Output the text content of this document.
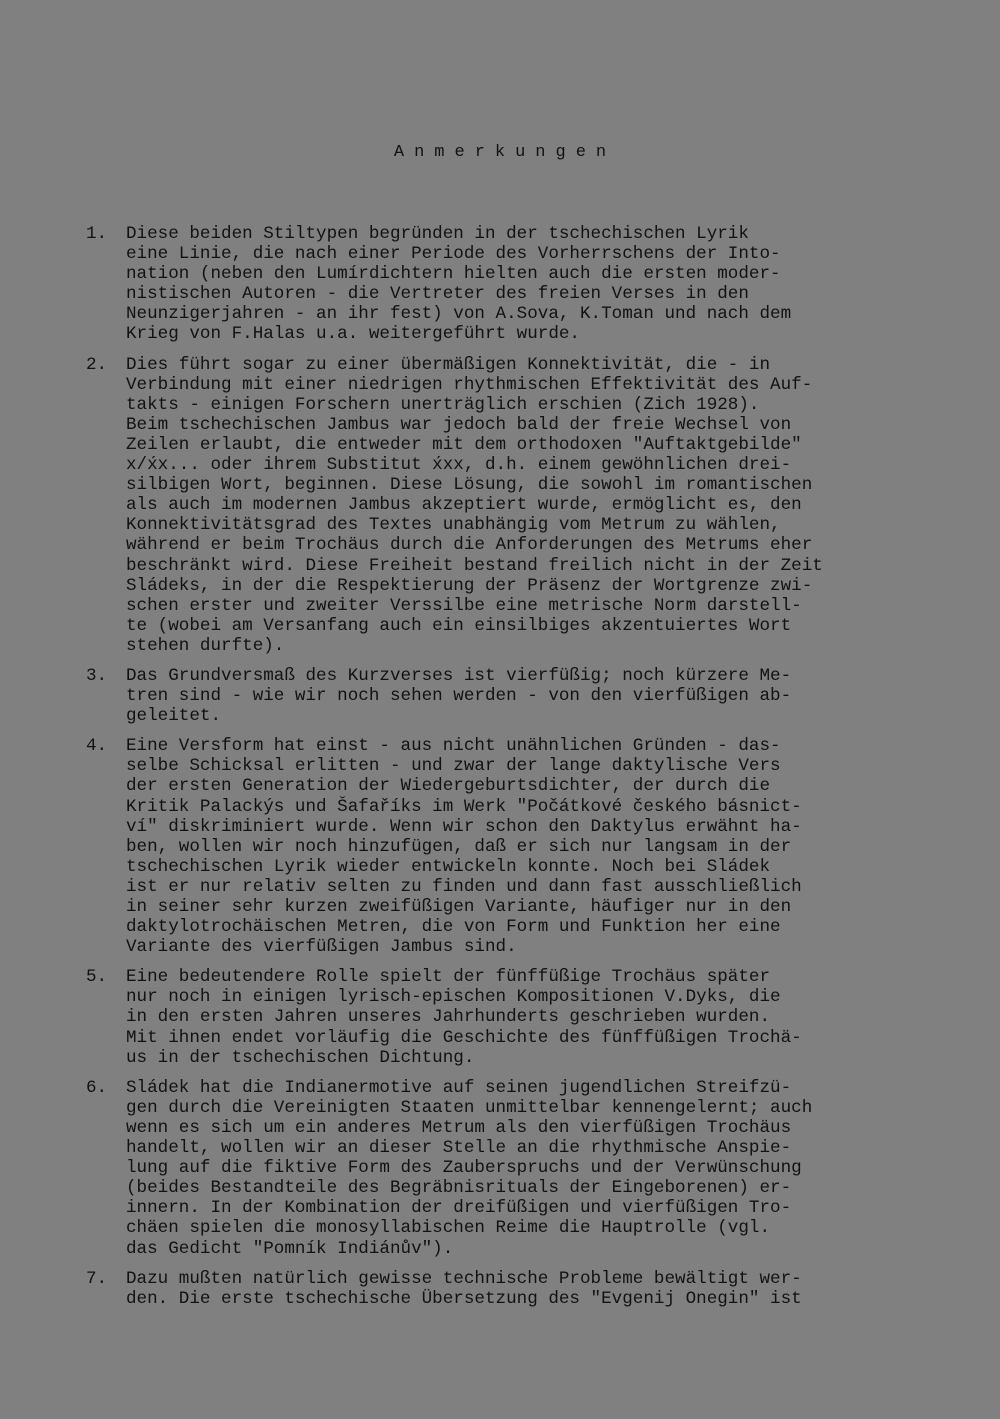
Anmerkungen
1. Diese beiden Stiltypen begründen in der tschechischen Lyrik
eine Linie, die nach einer Periode des Vorherrschens der Into-
nation (neben den Lumírdichtern hielten auch die ersten moder-
nistischen Autoren - die Vertreter des freien Verses in den
Neunzigerjahren - an ihr fest) von A.Sova, K.Toman und nach dem
Krieg von F.Halas u.a. weitergeführt wurde.
2. Dies führt sogar zu einer übermäßigen Konnektivität, die - in
Verbindung mit einer niedrigen rhythmischen Effektivität des Auf-
takts - einigen Forschern unerträglich erschien (Zich 1928).
Beim tschechischen Jambus war jedoch bald der freie Wechsel von
Zeilen erlaubt, die entweder mit dem orthodoxen "Auftaktgebilde"
x/x́x... oder ihrem Substitut x́xx, d.h. einem gewöhnlichen drei-
silbigen Wort, beginnen. Diese Lösung, die sowohl im romantischen
als auch im modernen Jambus akzeptiert wurde, ermöglicht es, den
Konnektivitätsgrad des Textes unabhängig vom Metrum zu wählen,
während er beim Trochäus durch die Anforderungen des Metrums eher
beschränkt wird. Diese Freiheit bestand freilich nicht in der Zeit
Sládeks, in der die Respektierung der Präsenz der Wortgrenze zwi-
schen erster und zweiter Verssilbe eine metrische Norm darstell-
te (wobei am Versanfang auch ein einsilbiges akzentuiertes Wort
stehen durfte).
3. Das Grundversmaß des Kurzverses ist vierfüßig; noch kürzere Me-
tren sind - wie wir noch sehen werden - von den vierfüßigen ab-
geleitet.
4. Eine Versform hat einst - aus nicht unähnlichen Gründen - das-
selbe Schicksal erlitten - und zwar der lange daktylische Vers
der ersten Generation der Wiedergeburtsdichter, der durch die
Kritik Palackýs und Šafaříks im Werk "Počátkové českého básnict-
ví" diskriminiert wurde. Wenn wir schon den Daktylus erwähnt ha-
ben, wollen wir noch hinzufügen, daß er sich nur langsam in der
tschechischen Lyrik wieder entwickeln konnte. Noch bei Sládek
ist er nur relativ selten zu finden und dann fast ausschließlich
in seiner sehr kurzen zweifüßigen Variante, häufiger nur in den
daktylotrochäischen Metren, die von Form und Funktion her eine
Variante des vierfüßigen Jambus sind.
5. Eine bedeutendere Rolle spielt der fünffüßige Trochäus später
nur noch in einigen lyrisch-epischen Kompositionen V.Dyks, die
in den ersten Jahren unseres Jahrhunderts geschrieben wurden.
Mit ihnen endet vorläufig die Geschichte des fünffüßigen Trochä-
us in der tschechischen Dichtung.
6. Sládek hat die Indianermotive auf seinen jugendlichen Streifzü-
gen durch die Vereinigten Staaten unmittelbar kennengelernt; auch
wenn es sich um ein anderes Metrum als den vierfüßigen Trochäus
handelt, wollen wir an dieser Stelle an die rhythmische Anspie-
lung auf die fiktive Form des Zauberspruchs und der Verwünschung
(beides Bestandteile des Begräbnisrituals der Eingeborenen) er-
innern. In der Kombination der dreifüßigen und vierfüßigen Tro-
chäen spielen die monosyllabischen Reime die Hauptrolle (vgl.
das Gedicht "Pomník Indiánův").
7. Dazu mußten natürlich gewisse technische Probleme bewältigt wer-
den. Die erste tschechische Übersetzung des "Evgenij Onegin" ist
